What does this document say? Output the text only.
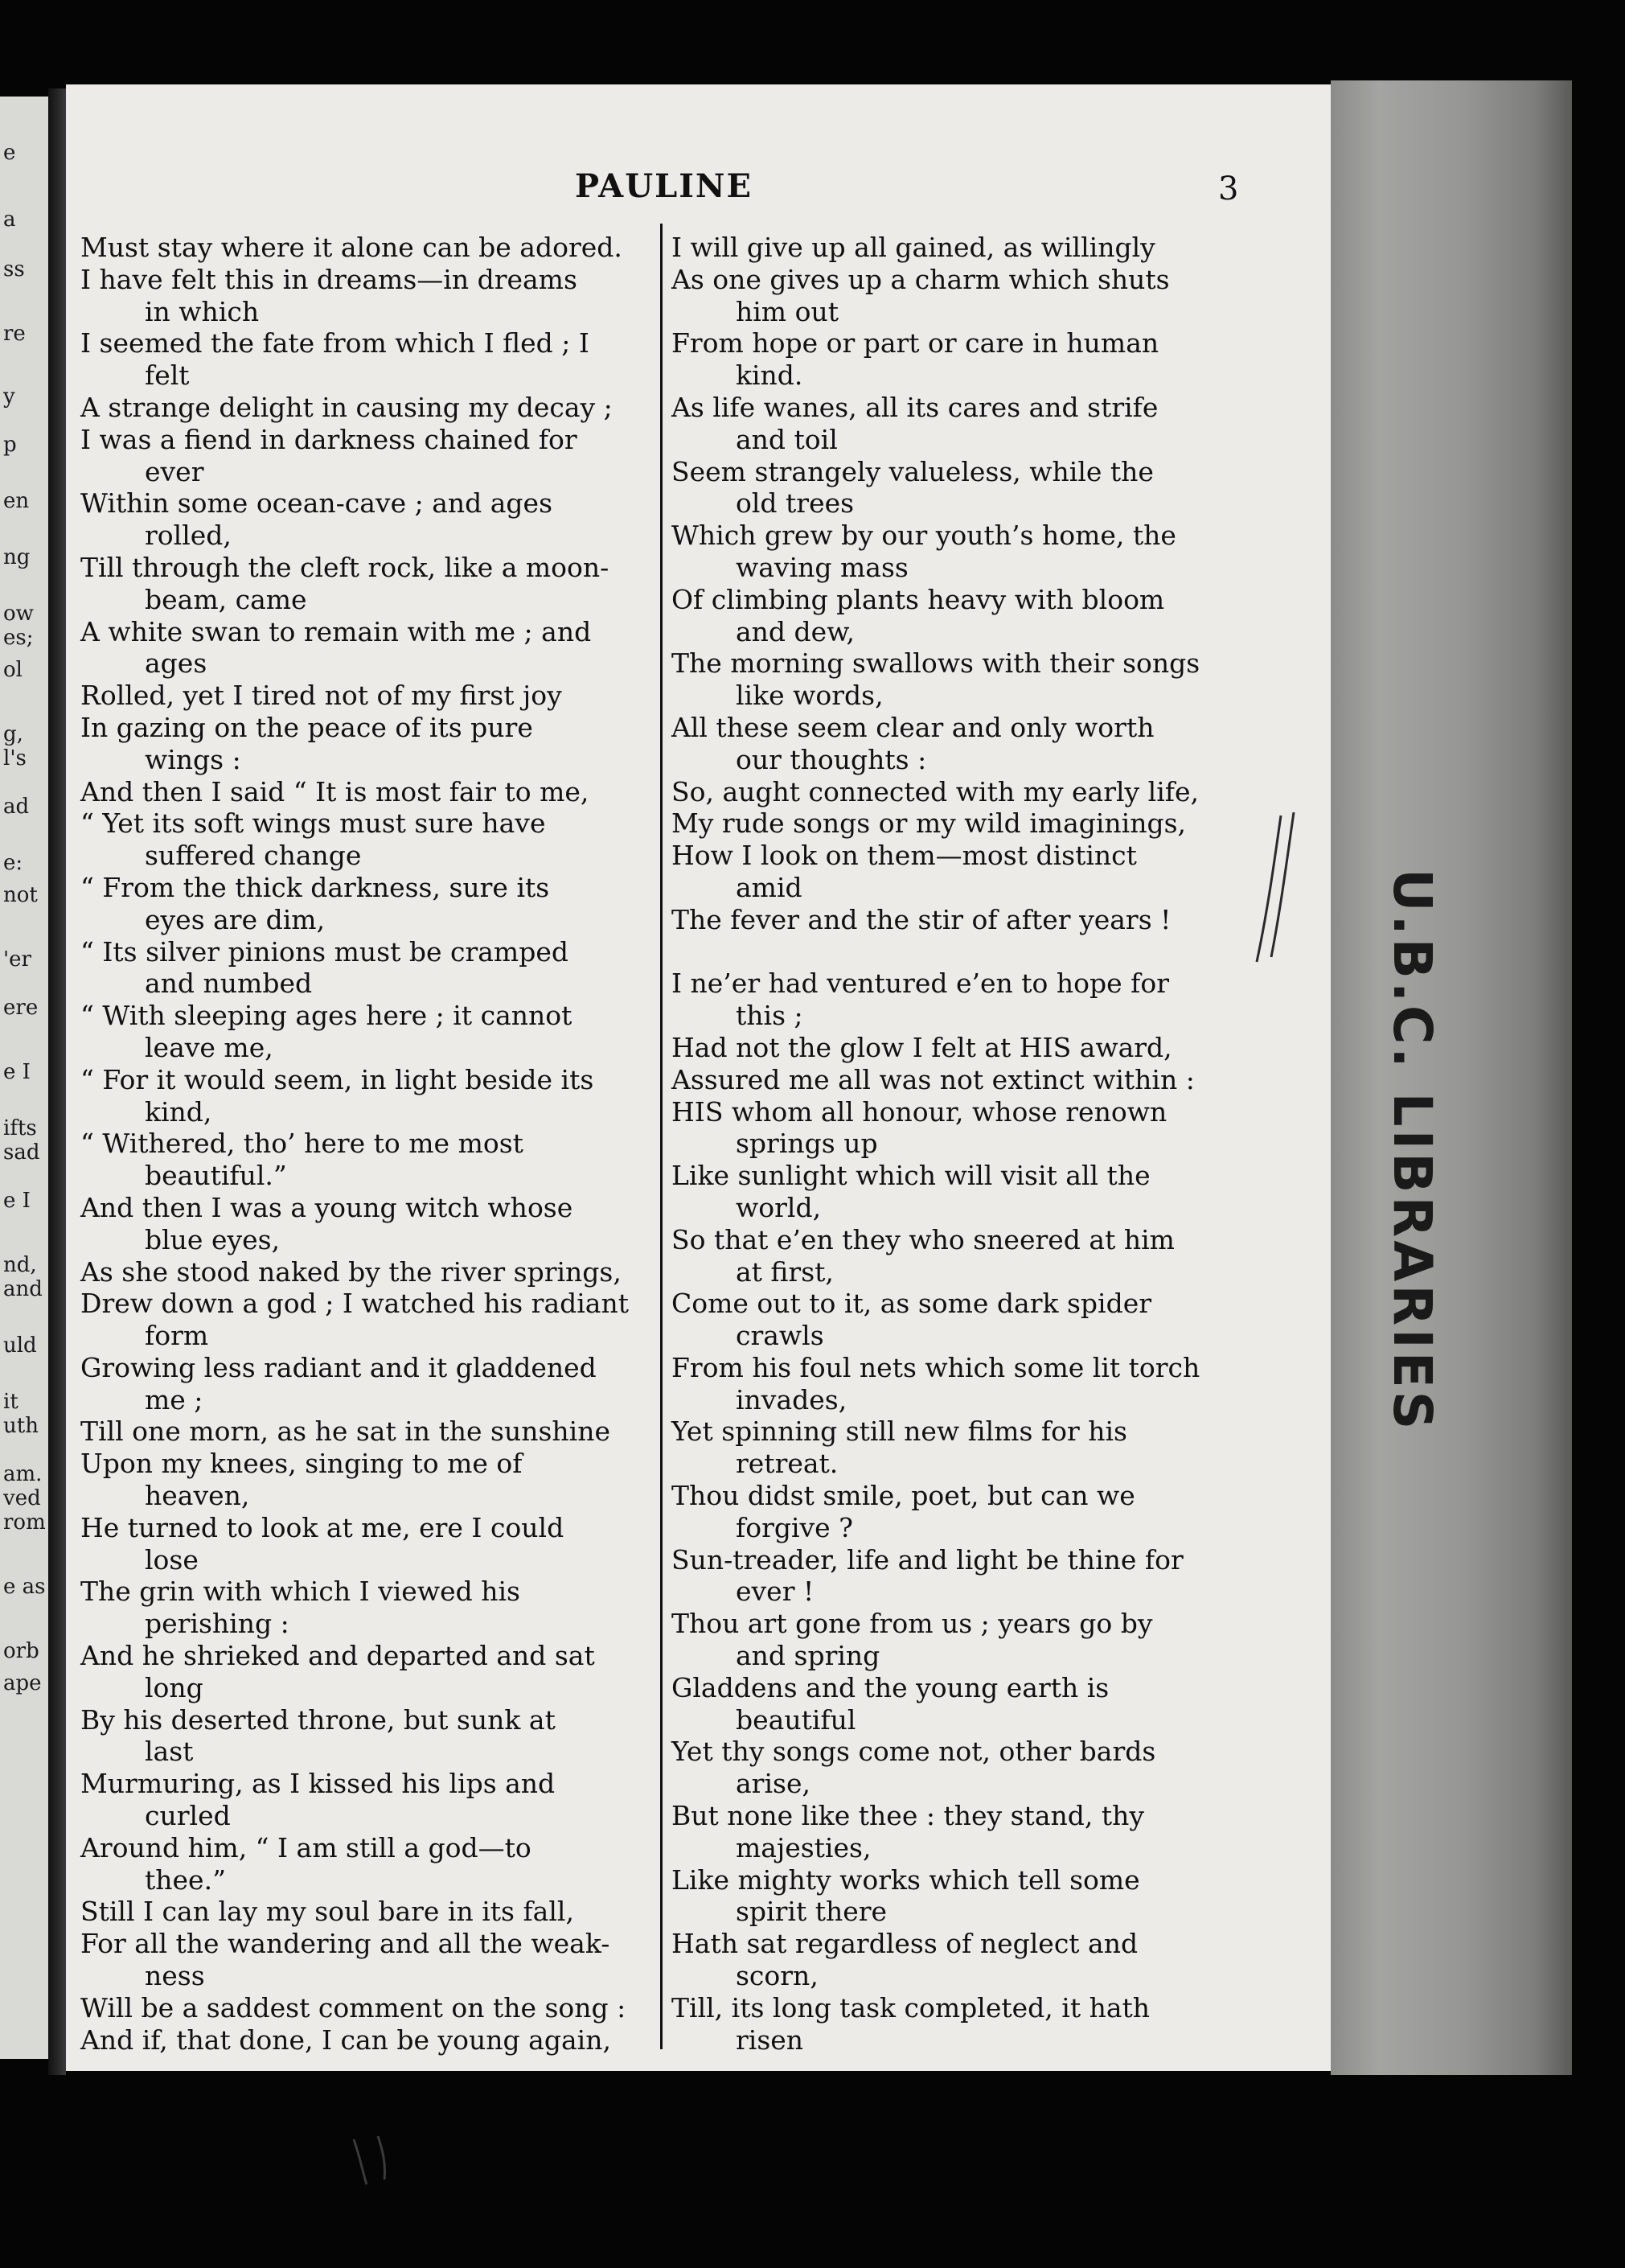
e
a
ss
re
y
p
en
ng
ow
es;
ol
g,
l's
ad
e:
not
'er
ere
e I
ifts
sad
e I
nd,
and
uld
it
uth
am.
ved
rom
e as
orb
ape
U.B.C. LIBRARIES
PAULINE	3
Must stay where it alone can be adored.
I have felt this in dreams—in dreams
in which
I seemed the fate from which I fled ; I
felt
A strange delight in causing my decay ;
I was a fiend in darkness chained for
ever
Within some ocean-cave ; and ages
rolled,
Till through the cleft rock, like a moon-
beam, came
A white swan to remain with me ; and
ages
Rolled, yet I tired not of my first joy
In gazing on the peace of its pure
wings :
And then I said “ It is most fair to me,
“ Yet its soft wings must sure have
suffered change
“ From the thick darkness, sure its
eyes are dim,
“ Its silver pinions must be cramped
and numbed
“ With sleeping ages here ; it cannot
leave me,
“ For it would seem, in light beside its
kind,
“ Withered, tho’ here to me most
beautiful.”
And then I was a young witch whose
blue eyes,
As she stood naked by the river springs,
Drew down a god ; I watched his radiant
form
Growing less radiant and it gladdened
me ;
Till one morn, as he sat in the sunshine
Upon my knees, singing to me of
heaven,
He turned to look at me, ere I could
lose
The grin with which I viewed his
perishing :
And he shrieked and departed and sat
long
By his deserted throne, but sunk at
last
Murmuring, as I kissed his lips and
curled
Around him, “ I am still a god—to
thee.”
Still I can lay my soul bare in its fall,
For all the wandering and all the weak-
ness
Will be a saddest comment on the song :
And if, that done, I can be young again,
I will give up all gained, as willingly
As one gives up a charm which shuts
him out
From hope or part or care in human
kind.
As life wanes, all its cares and strife
and toil
Seem strangely valueless, while the
old trees
Which grew by our youth’s home, the
waving mass
Of climbing plants heavy with bloom
and dew,
The morning swallows with their songs
like words,
All these seem clear and only worth
our thoughts :
So, aught connected with my early life,
My rude songs or my wild imaginings,
How I look on them—most distinct
amid
The fever and the stir of after years !

I ne’er had ventured e’en to hope for
this ;
Had not the glow I felt at HIS award,
Assured me all was not extinct within :
HIS whom all honour, whose renown
springs up
Like sunlight which will visit all the
world,
So that e’en they who sneered at him
at first,
Come out to it, as some dark spider
crawls
From his foul nets which some lit torch
invades,
Yet spinning still new films for his
retreat.
Thou didst smile, poet, but can we
forgive ?
Sun-treader, life and light be thine for
ever !
Thou art gone from us ; years go by
and spring
Gladdens and the young earth is
beautiful
Yet thy songs come not, other bards
arise,
But none like thee : they stand, thy
majesties,
Like mighty works which tell some
spirit there
Hath sat regardless of neglect and
scorn,
Till, its long task completed, it hath
risen
